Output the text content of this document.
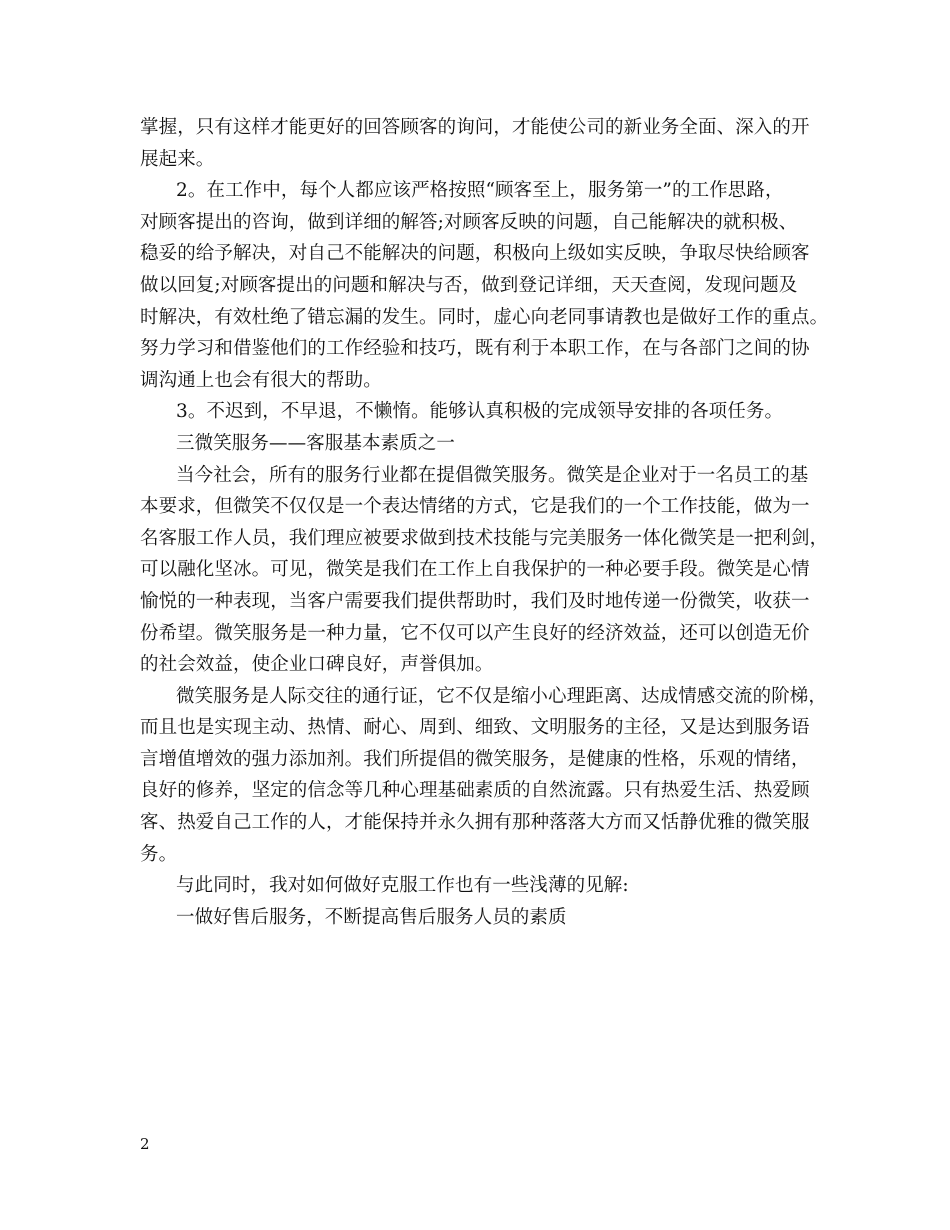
掌握，只有这样才能更好的回答顾客的询问，才能使公司的新业务全面、深入的开
展起来。
2。在工作中，每个人都应该严格按照“顾客至上，服务第一”的工作思路，
对顾客提出的咨询，做到详细的解答;对顾客反映的问题，自己能解决的就积极、
稳妥的给予解决，对自己不能解决的问题，积极向上级如实反映，争取尽快给顾客
做以回复;对顾客提出的问题和解决与否，做到登记详细，天天查阅，发现问题及
时解决，有效杜绝了错忘漏的发生。同时，虚心向老同事请教也是做好工作的重点。
努力学习和借鉴他们的工作经验和技巧，既有利于本职工作，在与各部门之间的协
调沟通上也会有很大的帮助。
3。不迟到，不早退，不懒惰。能够认真积极的完成领导安排的各项任务。
三微笑服务——客服基本素质之一
当今社会，所有的服务行业都在提倡微笑服务。微笑是企业对于一名员工的基
本要求，但微笑不仅仅是一个表达情绪的方式，它是我们的一个工作技能，做为一
名客服工作人员，我们理应被要求做到技术技能与完美服务一体化微笑是一把利剑，
可以融化坚冰。可见，微笑是我们在工作上自我保护的一种必要手段。微笑是心情
愉悦的一种表现，当客户需要我们提供帮助时，我们及时地传递一份微笑，收获一
份希望。微笑服务是一种力量，它不仅可以产生良好的经济效益，还可以创造无价
的社会效益，使企业口碑良好，声誉俱加。
微笑服务是人际交往的通行证，它不仅是缩小心理距离、达成情感交流的阶梯，
而且也是实现主动、热情、耐心、周到、细致、文明服务的主径，又是达到服务语
言增值增效的强力添加剂。我们所提倡的微笑服务，是健康的性格，乐观的情绪，
良好的修养，坚定的信念等几种心理基础素质的自然流露。只有热爱生活、热爱顾
客、热爱自己工作的人，才能保持并永久拥有那种落落大方而又恬静优雅的微笑服
务。
与此同时，我对如何做好克服工作也有一些浅薄的见解:
一做好售后服务，不断提高售后服务人员的素质
2
